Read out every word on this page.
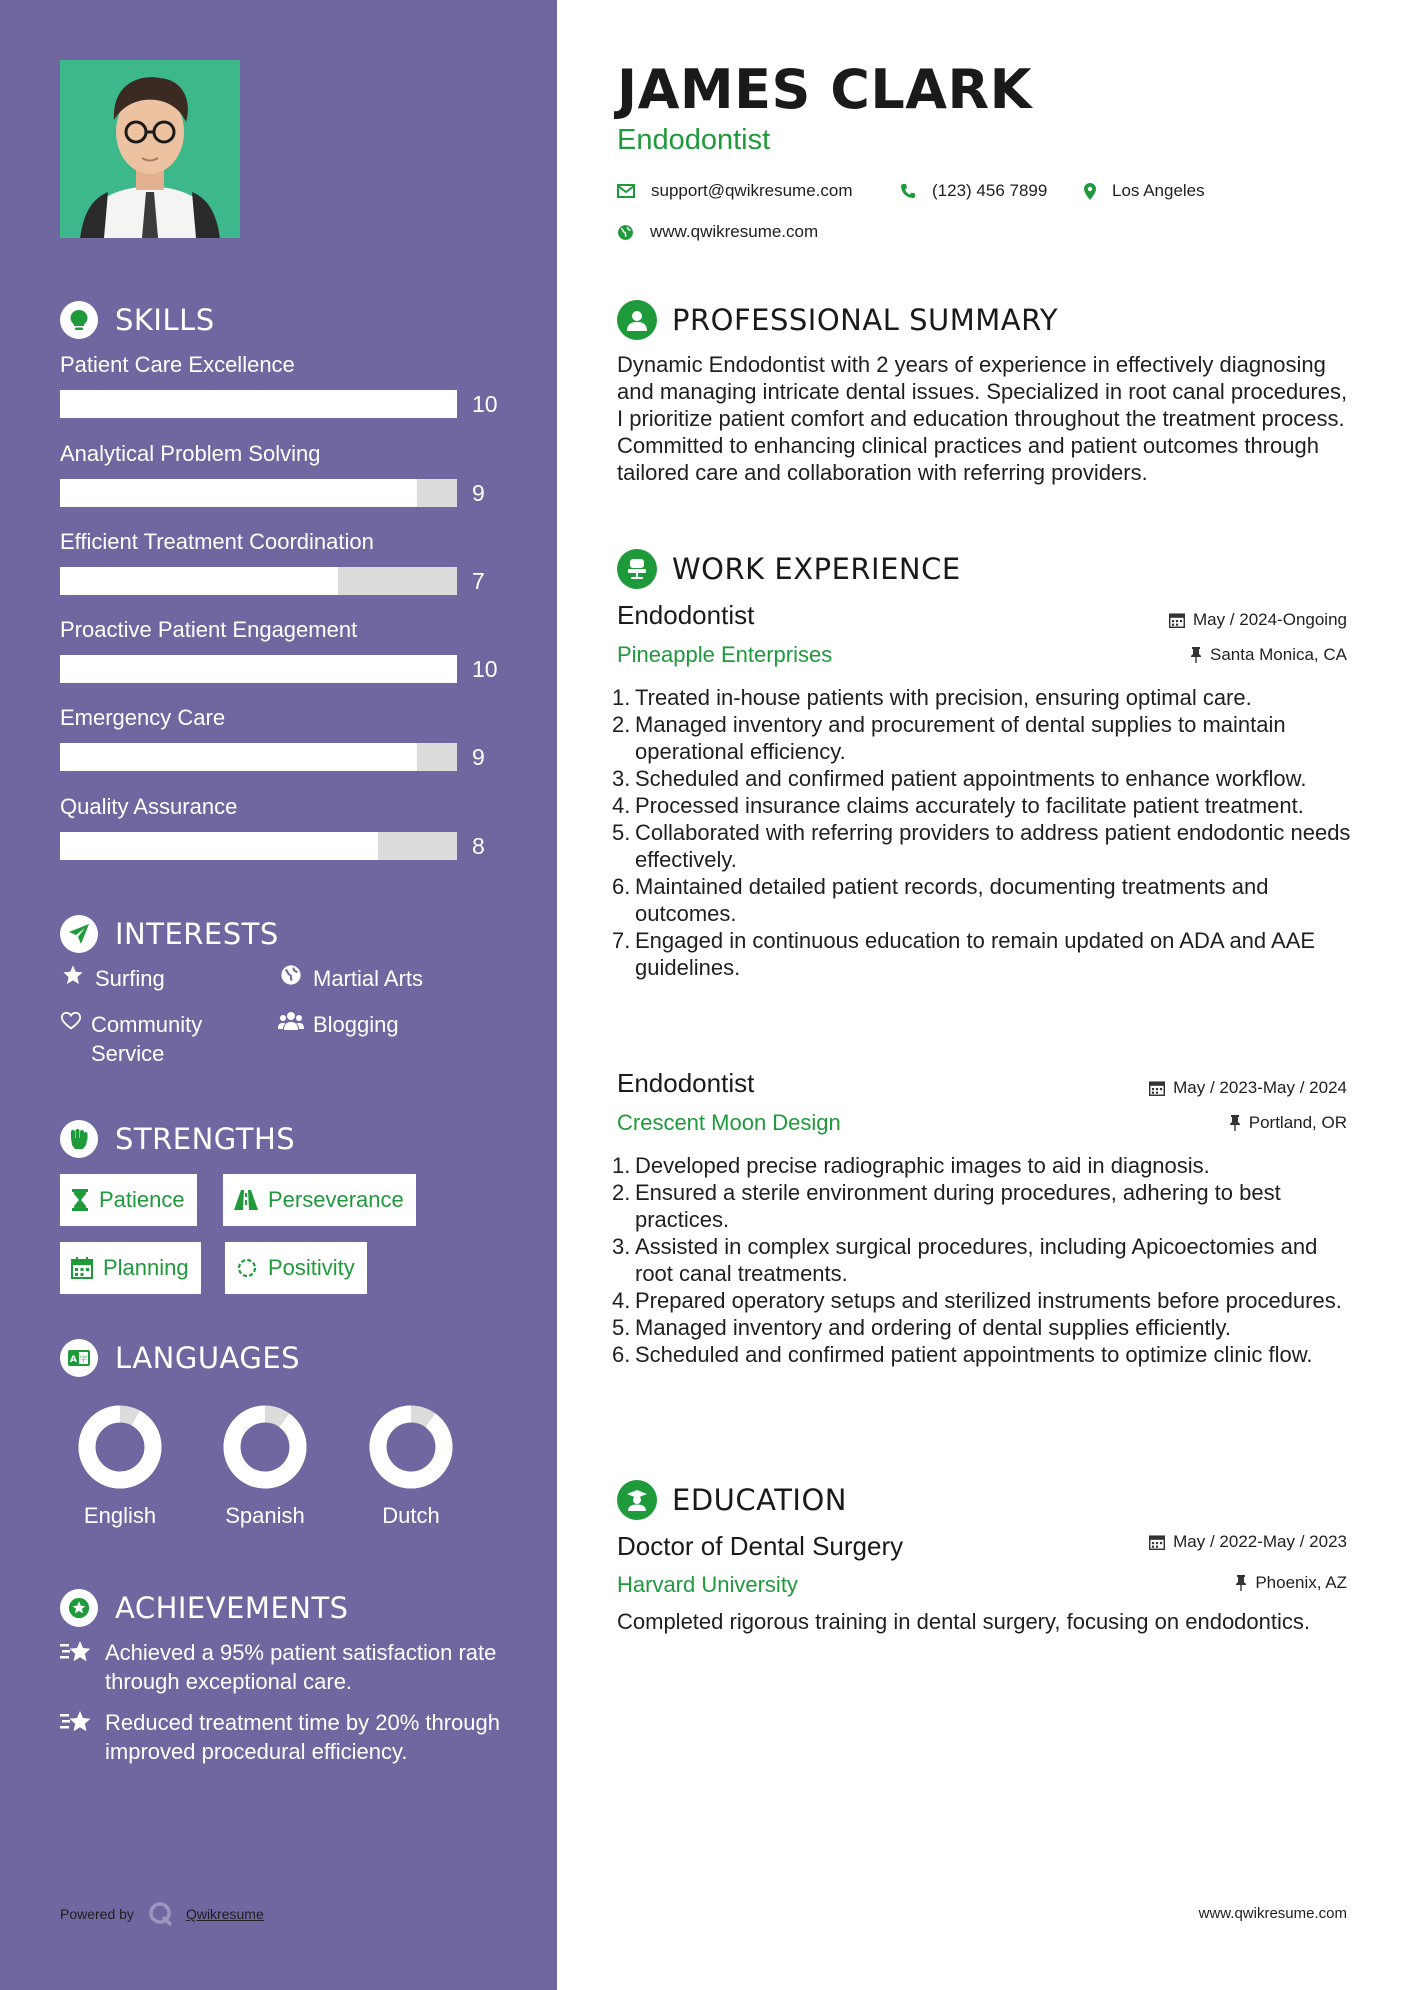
SKILLS
Patient Care Excellence
10
Analytical Problem Solving
9
Efficient Treatment Coordination
7
Proactive Patient Engagement
10
Emergency Care
9
Quality Assurance
8
INTERESTS
Surfing	Martial Arts
Community Service
Blogging
STRENGTHS
Patience	Perseverance
Planning	Positivity
A 字 LANGUAGES
English	Spanish	Dutch
ACHIEVEMENTS
Achieved a 95% patient satisfaction rate through exceptional care.
Reduced treatment time by 20% through improved procedural efficiency.
Powered by	Qwikresume
JAMES CLARK
Endodontist
support@qwikresume.com	(123) 456 7899	Los Angeles
www.qwikresume.com
PROFESSIONAL SUMMARY
Dynamic Endodontist with 2 years of experience in effectively diagnosing and managing intricate dental issues. Specialized in root canal procedures, I prioritize patient comfort and education throughout the treatment process. Committed to enhancing clinical practices and patient outcomes through tailored care and collaboration with referring providers.
WORK EXPERIENCE
Endodontist	May / 2024-Ongoing
Pineapple Enterprises	Santa Monica, CA
Treated in-house patients with precision, ensuring optimal care.
Managed inventory and procurement of dental supplies to maintain operational efficiency.
Scheduled and confirmed patient appointments to enhance workflow.
Processed insurance claims accurately to facilitate patient treatment.
Collaborated with referring providers to address patient endodontic needs effectively.
Maintained detailed patient records, documenting treatments and outcomes.
Engaged in continuous education to remain updated on ADA and AAE guidelines.
Endodontist	May / 2023-May / 2024
Crescent Moon Design	Portland, OR
Developed precise radiographic images to aid in diagnosis.
Ensured a sterile environment during procedures, adhering to best practices.
Assisted in complex surgical procedures, including Apicoectomies and root canal treatments.
Prepared operatory setups and sterilized instruments before procedures.
Managed inventory and ordering of dental supplies efficiently.
Scheduled and confirmed patient appointments to optimize clinic flow.
EDUCATION
Doctor of Dental Surgery	May / 2022-May / 2023
Harvard University	Phoenix, AZ
Completed rigorous training in dental surgery, focusing on endodontics.
www.qwikresume.com
